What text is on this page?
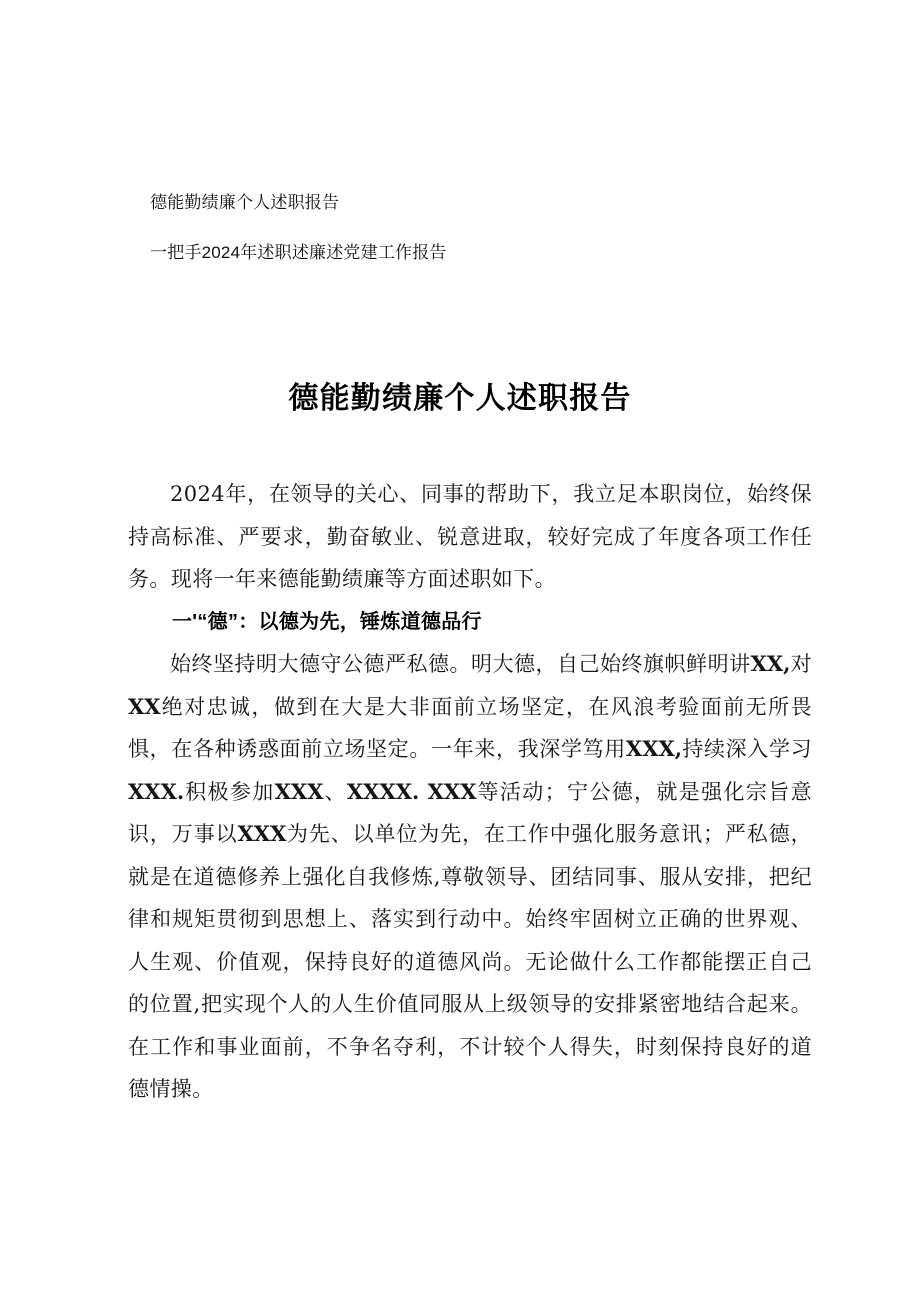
德能勤绩廉个人述职报告
一把手2024年述职述廉述党建工作报告
德能勤绩廉个人述职报告

2024年，在领导的关心、同事的帮助下，我立足本职岗位，始终保持高标准、严要求，勤奋敏业、锐意进取，较好完成了年度各项工作任务。现将一年来德能勤绩廉等方面述职如下。

一'“德”：以德为先，锤炼道德品行

始终坚持明大德守公德严私德。明大德，自己始终旗帜鲜明讲XX,对XX绝对忠诚，做到在大是大非面前立场坚定，在风浪考验面前无所畏惧，在各种诱惑面前立场坚定。一年来，我深学笃用XXX,持续深入学习XXX.积极参加XXX、XXXX. XXX等活动；宁公德，就是强化宗旨意识，万事以XXX为先、以单位为先，在工作中强化服务意讯；严私德，就是在道德修养上强化自我修炼,尊敬领导、团结同事、服从安排，把纪律和规矩贯彻到思想上、落实到行动中。始终牢固树立正确的世界观、人生观、价值观，保持良好的道德风尚。无论做什么工作都能摆正自己的位置,把实现个人的人生价值同服从上级领导的安排紧密地结合起来。在工作和事业面前，不争名夺利，不计较个人得失，时刻保持良好的道德情操。
